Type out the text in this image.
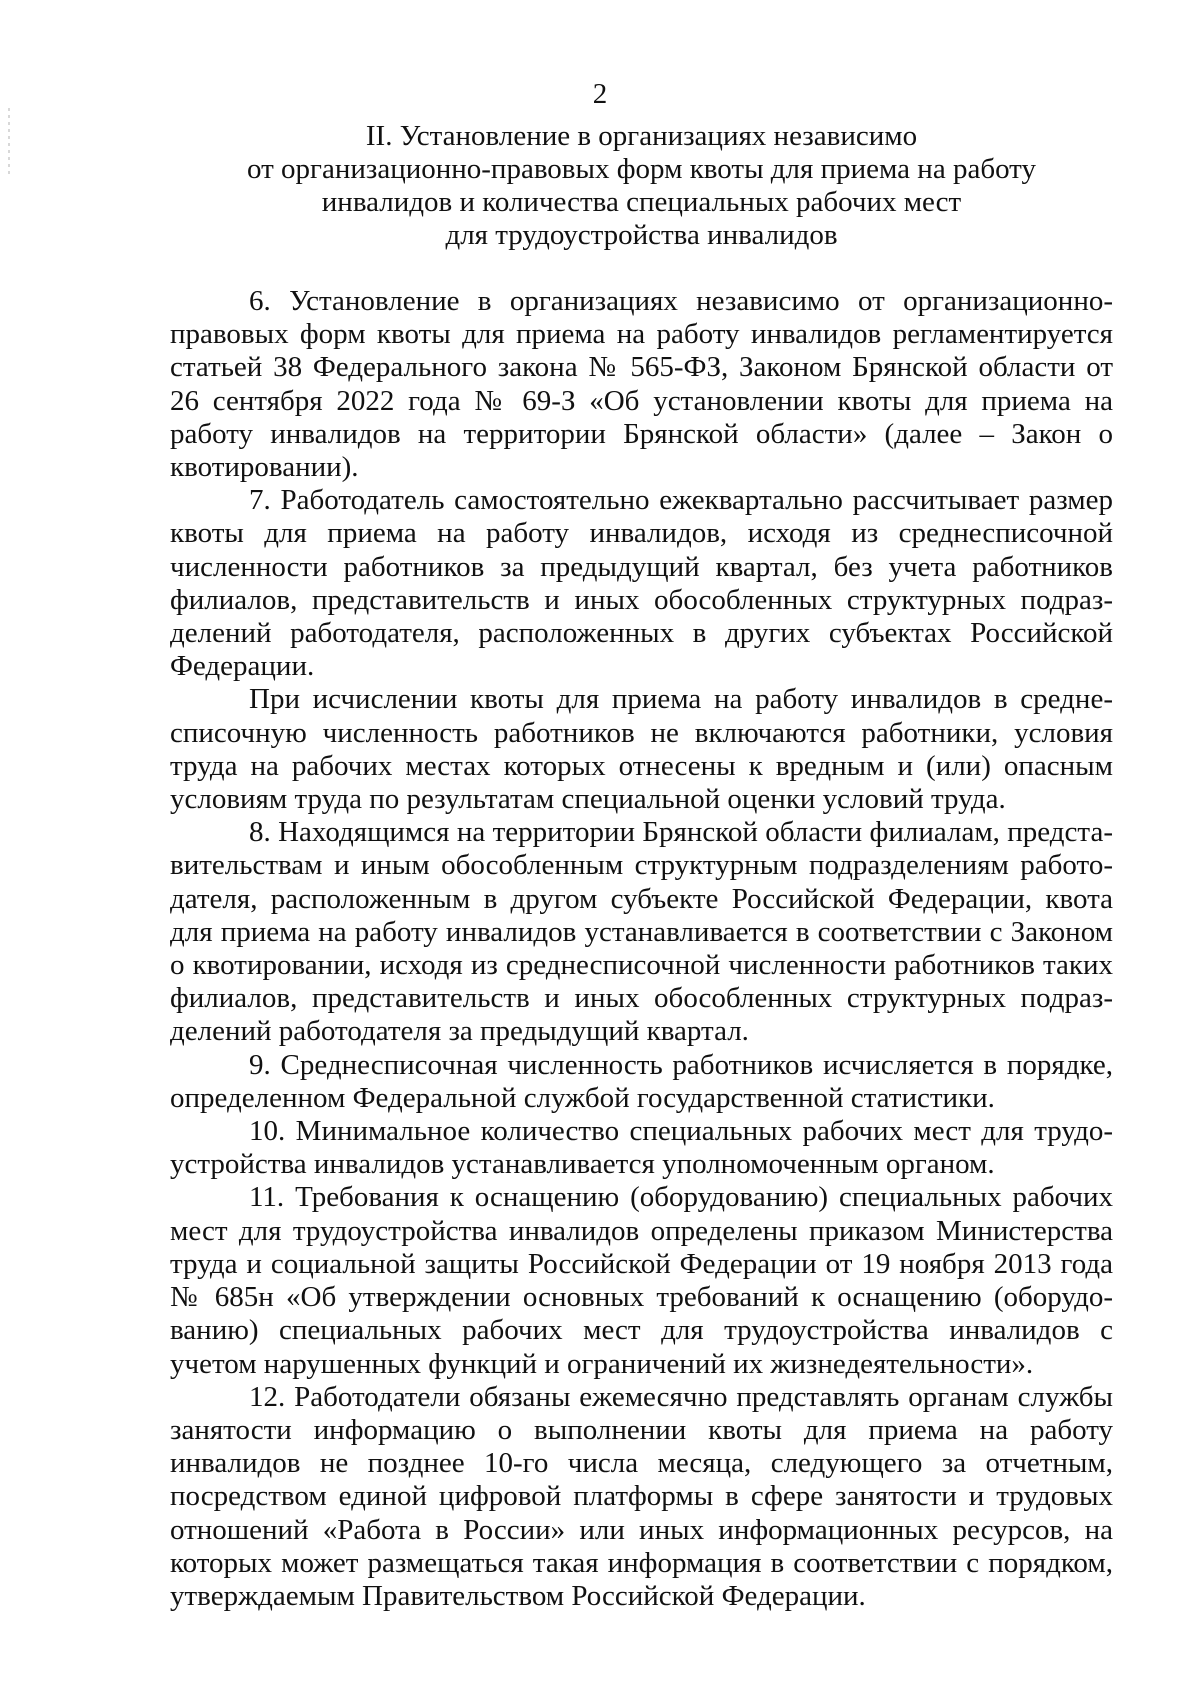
2
II. Установление в организациях независимо
от организационно-правовых форм квоты для приема на работу
инвалидов и количества специальных рабочих мест
для трудоустройства инвалидов

6. Установление в организациях независимо от организационно-правовых форм квоты для приема на работу инвалидов регламентируется статьей 38 Федерального закона № 565-ФЗ, Законом Брянской области от 26 сентября 2022 года № 69-З «Об установлении квоты для приема на работу инвалидов на территории Брянской области» (далее – Закон о квотировании).

7. Работодатель самостоятельно ежеквартально рассчитывает размер квоты для приема на работу инвалидов, исходя из среднесписочной численности работников за предыдущий квартал, без учета работников филиалов, представительств и иных обособленных структурных подразделений работодателя, расположенных в других субъектах Российской Федерации.

При исчислении квоты для приема на работу инвалидов в среднесписочную численность работников не включаются работники, условия труда на рабочих местах которых отнесены к вредным и (или) опасным условиям труда по результатам специальной оценки условий труда.

8. Находящимся на территории Брянской области филиалам, представительствам и иным обособленным структурным подразделениям работодателя, расположенным в другом субъекте Российской Федерации, квота для приема на работу инвалидов устанавливается в соответствии с Законом о квотировании, исходя из среднесписочной численности работников таких филиалов, представительств и иных обособленных структурных подразделений работодателя за предыдущий квартал.

9. Среднесписочная численность работников исчисляется в порядке, определенном Федеральной службой государственной статистики.

10. Минимальное количество специальных рабочих мест для трудоустройства инвалидов устанавливается уполномоченным органом.

11. Требования к оснащению (оборудованию) специальных рабочих мест для трудоустройства инвалидов определены приказом Министерства труда и социальной защиты Российской Федерации от 19 ноября 2013 года № 685н «Об утверждении основных требований к оснащению (оборудованию) специальных рабочих мест для трудоустройства инвалидов с учетом нарушенных функций и ограничений их жизнедеятельности».

12. Работодатели обязаны ежемесячно представлять органам службы занятости информацию о выполнении квоты для приема на работу инвалидов не позднее 10-го числа месяца, следующего за отчетным, посредством единой цифровой платформы в сфере занятости и трудовых отношений «Работа в России» или иных информационных ресурсов, на которых может размещаться такая информация в соответствии с порядком, утверждаемым Правительством Российской Федерации.
